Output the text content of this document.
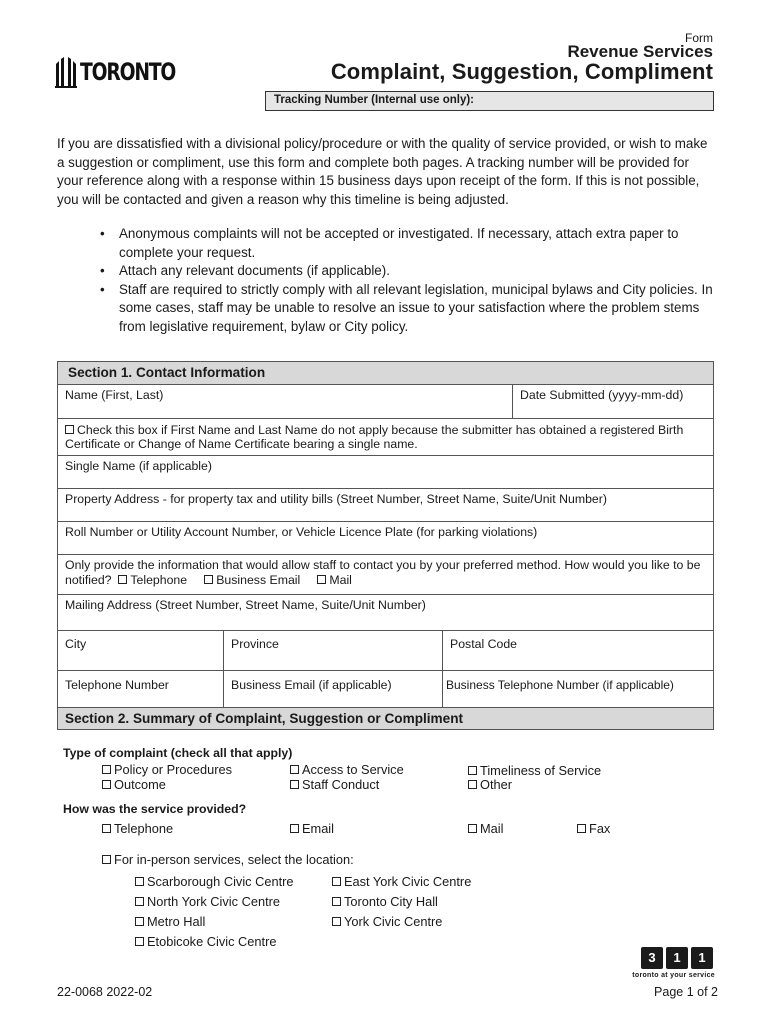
TORONTO
Form
Revenue Services
Complaint, Suggestion, Compliment
Tracking Number (Internal use only):

If you are dissatisfied with a divisional policy/procedure or with the quality of service provided, or wish to make a suggestion or compliment, use this form and complete both pages. A tracking number will be provided for your reference along with a response within 15 business days upon receipt of the form. If this is not possible, you will be contacted and given a reason why this timeline is being adjusted.

• Anonymous complaints will not be accepted or investigated. If necessary, attach extra paper to complete your request.
• Attach any relevant documents (if applicable).
• Staff are required to strictly comply with all relevant legislation, municipal bylaws and City policies. In some cases, staff may be unable to resolve an issue to your satisfaction where the problem stems from legislative requirement, bylaw or City policy.
Section 1. Contact Information
Name (First, Last)	Date Submitted (yyyy-mm-dd)
Check this box if First Name and Last Name do not apply because the submitter has obtained a registered Birth Certificate or Change of Name Certificate bearing a single name.
Single Name (if applicable)
Property Address - for property tax and utility bills (Street Number, Street Name, Suite/Unit Number)
Roll Number or Utility Account Number, or Vehicle Licence Plate (for parking violations)
Only provide the information that would allow staff to contact you by your preferred method. How would you like to be notified? Telephone Business Email Mail
Mailing Address (Street Number, Street Name, Suite/Unit Number)
City	Province	Postal Code
Telephone Number	Business Email (if applicable)	Business Telephone Number (if applicable)
Section 2. Summary of Complaint, Suggestion or Compliment
Type of complaint (check all that apply)
Policy or Procedures	Access to Service	Timeliness of Service
Outcome	Staff Conduct	Other
How was the service provided?
Telephone	Email	Mail	Fax
For in-person services, select the location:
Scarborough Civic Centre	East York Civic Centre
North York Civic Centre	Toronto City Hall
Metro Hall	York Civic Centre
Etobicoke Civic Centre
3	1	1
toronto at your service
22-0068 2022-02	Page 1 of 2
